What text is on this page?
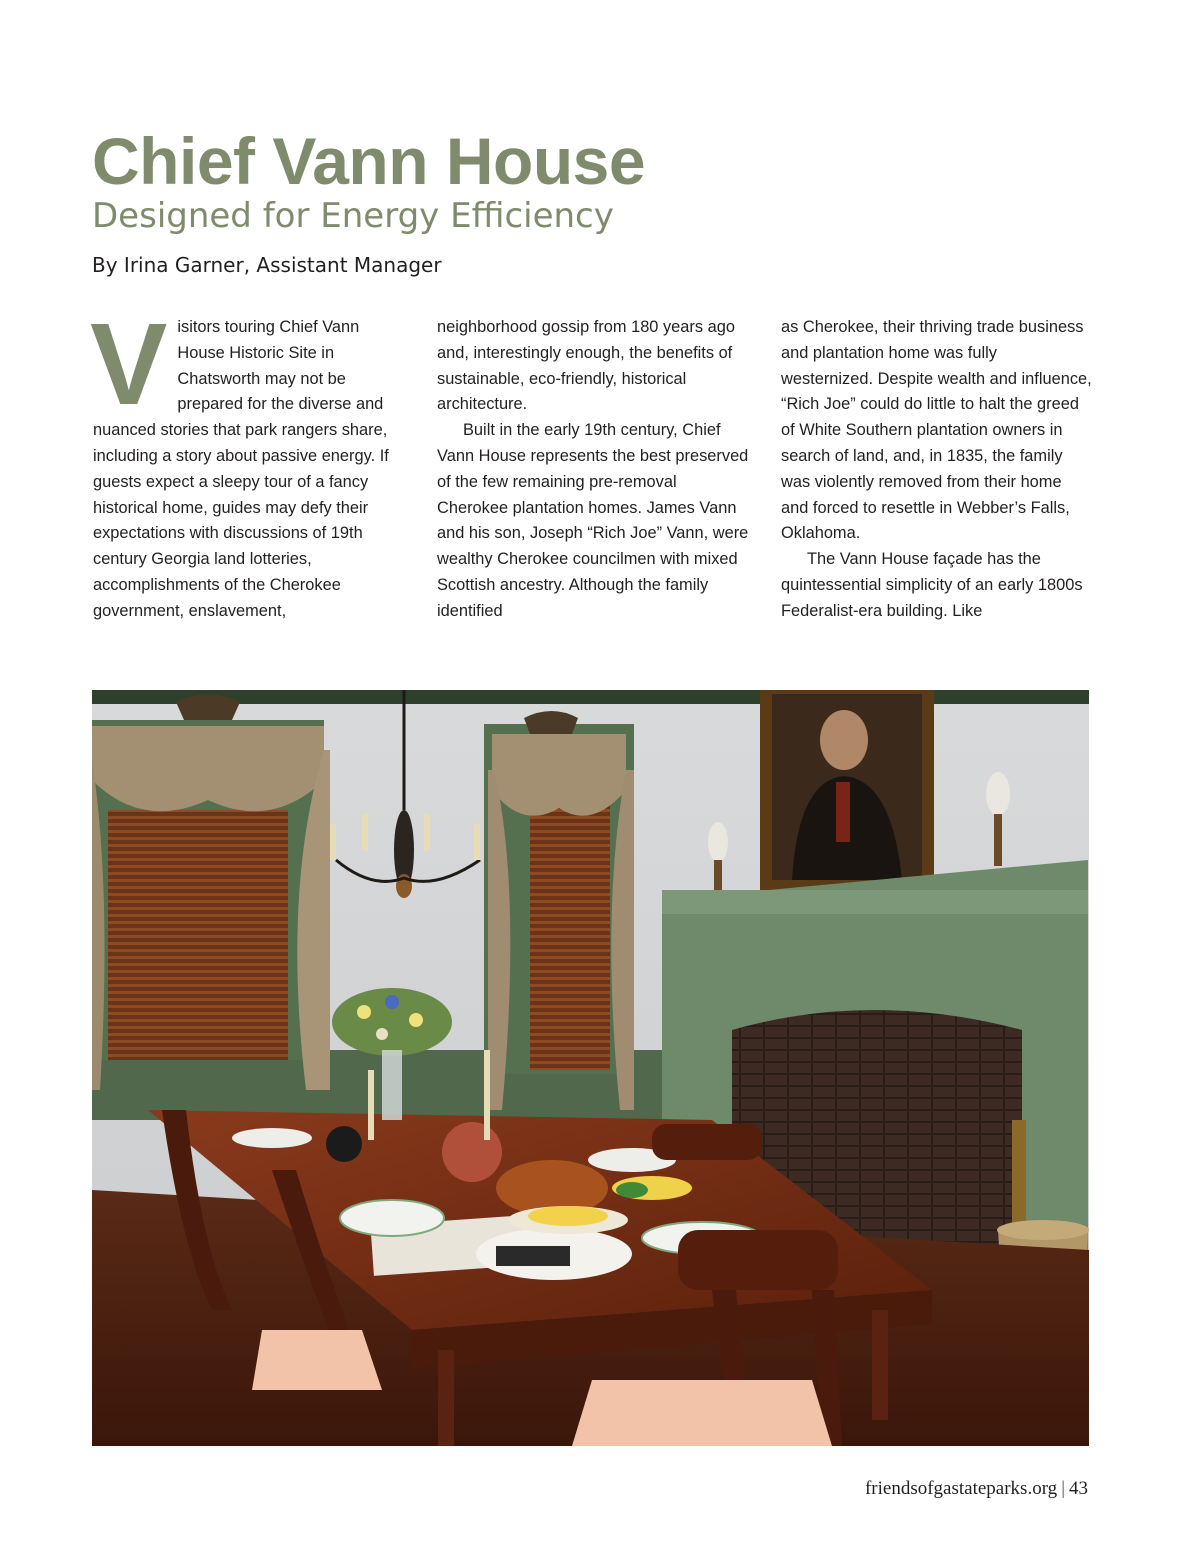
Chief Vann House
Designed for Energy Efficiency
By Irina Garner, Assistant Manager

Visitors touring Chief Vann House Historic Site in Chatsworth may not be prepared for the diverse and nuanced stories that park rangers share, including a story about passive energy. If guests expect a sleepy tour of a fancy historical home, guides may defy their expectations with discussions of 19th century Georgia land lotteries, accomplishments of the Cherokee government, enslavement,

neighborhood gossip from 180 years ago and, interestingly enough, the benefits of sustainable, eco-friendly, historical architecture.

Built in the early 19th century, Chief Vann House represents the best preserved of the few remaining pre-removal Cherokee plantation homes. James Vann and his son, Joseph “Rich Joe” Vann, were wealthy Cherokee councilmen with mixed Scottish ancestry. Although the family identified

as Cherokee, their thriving trade business and plantation home was fully westernized. Despite wealth and influence, “Rich Joe” could do little to halt the greed of White Southern plantation owners in search of land, and, in 1835, the family was violently removed from their home and forced to resettle in Webber’s Falls, Oklahoma.

The Vann House façade has the quintessential simplicity of an early 1800s Federalist-era building. Like

friendsofgastateparks.org | 43
